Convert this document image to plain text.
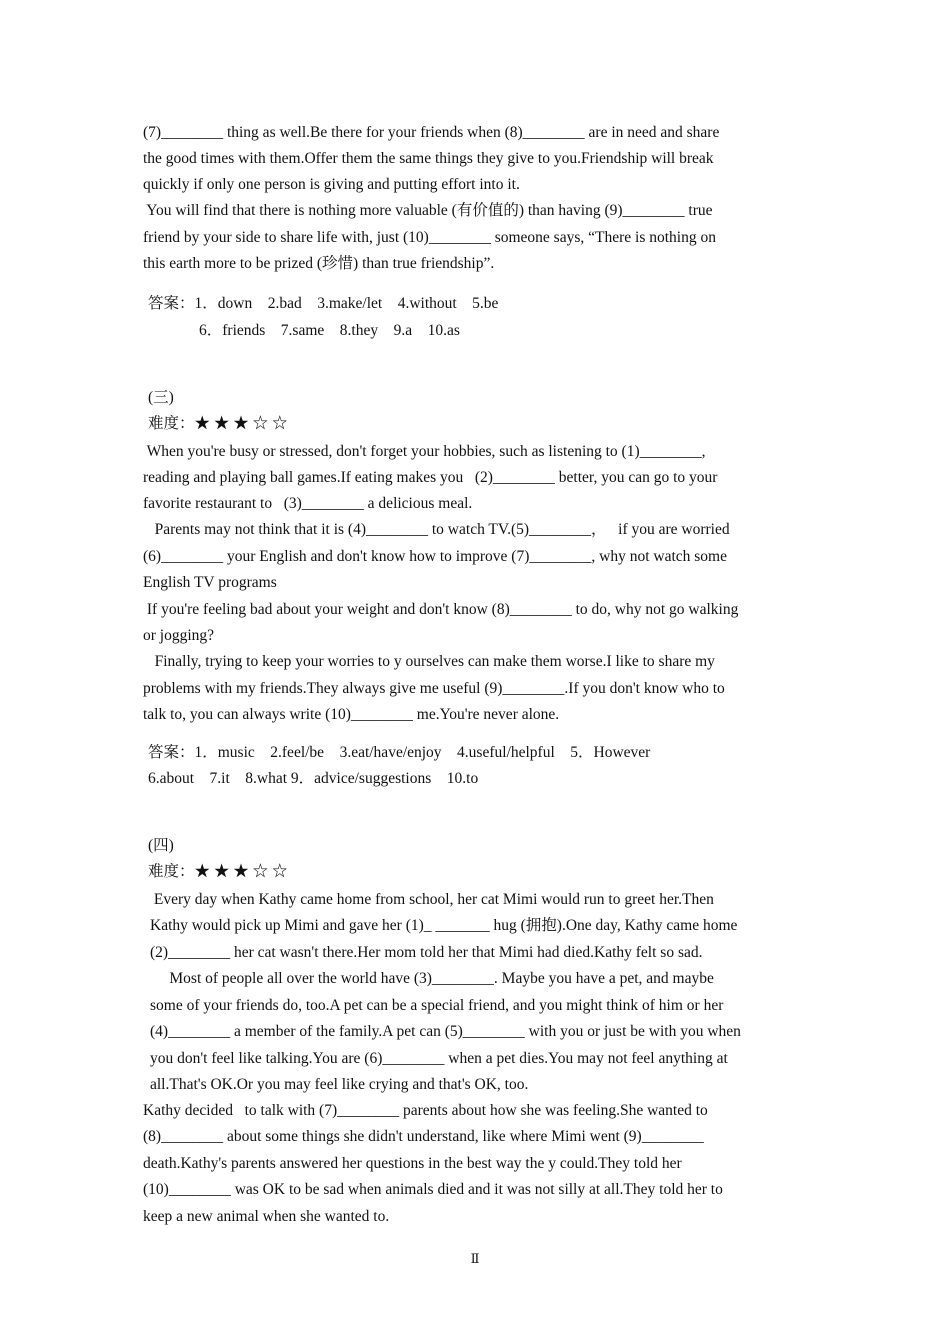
(7)________ thing as well.Be there for your friends when (8)________ are in need and share
the good times with them.Offer them the same things they give to you.Friendship will break
quickly if only one person is giving and putting effort into it.
You will find that there is nothing more valuable (有价值的) than having (9)________ true
friend by your side to share life with, just (10)________ someone says, “There is nothing on
this earth more to be prized (珍惜) than true friendship”.
答案：1．down    2.bad    3.make/let    4.without    5.be
6．friends    7.same    8.they    9.a    10.as
(三)
难度：★ ★ ★ ☆ ☆
When you're busy or stressed, don't forget your hobbies, such as listening to (1)________,
reading and playing ball games.If eating makes you   (2)________ better, you can go to your
favorite restaurant to   (3)________ a delicious meal.
Parents may not think that it is (4)________ to watch TV.(5)________，   if you are worried
(6)________ your English and don't know how to improve (7)________, why not watch some
English TV programs
If you're feeling bad about your weight and don't know (8)________ to do, why not go walking
or jogging?
Finally, trying to keep your worries to y ourselves can make them worse.I like to share my
problems with my friends.They always give me useful (9)________.If you don't know who to
talk to, you can always write (10)________ me.You're never alone.
答案：1．music    2.feel/be    3.eat/have/enjoy    4.useful/helpful    5．However
6.about    7.it    8.what 9．advice/suggestions    10.to
(四)
难度：★ ★ ★ ☆ ☆
Every day when Kathy came home from school, her cat Mimi would run to greet her.Then
Kathy would pick up Mimi and gave her (1)_ _______ hug (拥抱).One day, Kathy came home
(2)________ her cat wasn't there.Her mom told her that Mimi had died.Kathy felt so sad.
Most of people all over the world have (3)________. Maybe you have a pet, and maybe
some of your friends do, too.A pet can be a special friend, and you might think of him or her
(4)________ a member of the family.A pet can (5)________ with you or just be with you when
you don't feel like talking.You are (6)________ when a pet dies.You may not feel anything at
all.That's OK.Or you may feel like crying and that's OK, too.
Kathy decided   to talk with (7)________ parents about how she was feeling.She wanted to
(8)________ about some things she didn't understand, like where Mimi went (9)________
death.Kathy's parents answered her questions in the best way the y could.They told her
(10)________ was OK to be sad when animals died and it was not silly at all.They told her to
keep a new animal when she wanted to.
Ⅱ
